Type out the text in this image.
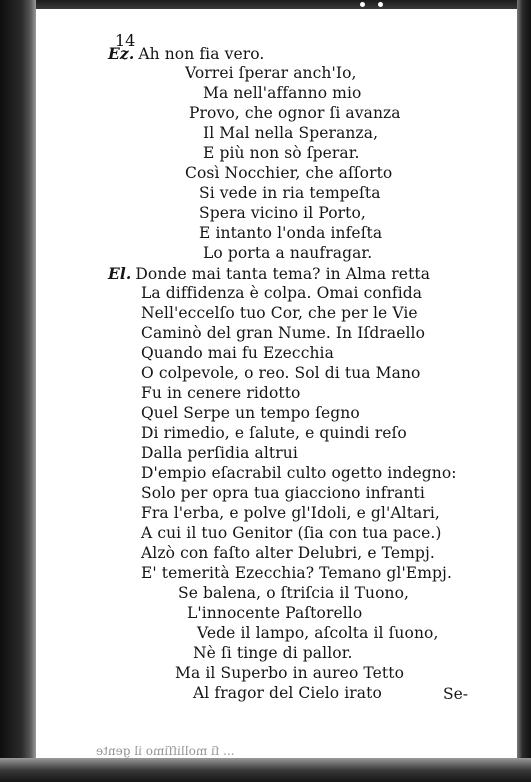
14
Ez. Ah non fia vero.
Vorrei ſperar anch'Io,
Ma nell'affanno mio
Provo, che ognor ſi avanza
Il Mal nella Speranza,
E più non sò ſperar.
Così Nocchier, che aſſorto
Si vede in ria tempeſta
Spera vicino il Porto,
E intanto l'onda infeſta
Lo porta a naufragar.
El. Donde mai tanta tema? in Alma retta
La diffidenza è colpa. Omai confida
Nell'eccelſo tuo Cor, che per le Vie
Caminò del gran Nume. In Iſdraello
Quando mai fu Ezecchia
O colpevole, o reo. Sol di tua Mano
Fu in cenere ridotto
Quel Serpe un tempo ſegno
Di rimedio, e ſalute, e quindi reſo
Dalla perſidia altrui
D'empio eſacrabil culto ogetto indegno:
Solo per opra tua giacciono infranti
Fra l'erba, e polve gl'Idoli, e gl'Altari,
A cui il tuo Genitor (ſia con tua pace.)
Alzò con faſto alter Delubri, e Tempj.
E' temerità Ezecchia? Temano gl'Empj.
Se balena, o ſtriſcia il Tuono,
L'innocente Paſtorello
Vede il lampo, aſcolta il ſuono,
Nè ſi tinge di pallor.
Ma il Superbo in aureo Tetto
Al fragor del Cielo irato	Se-
... ſi molliſſimo il gente
